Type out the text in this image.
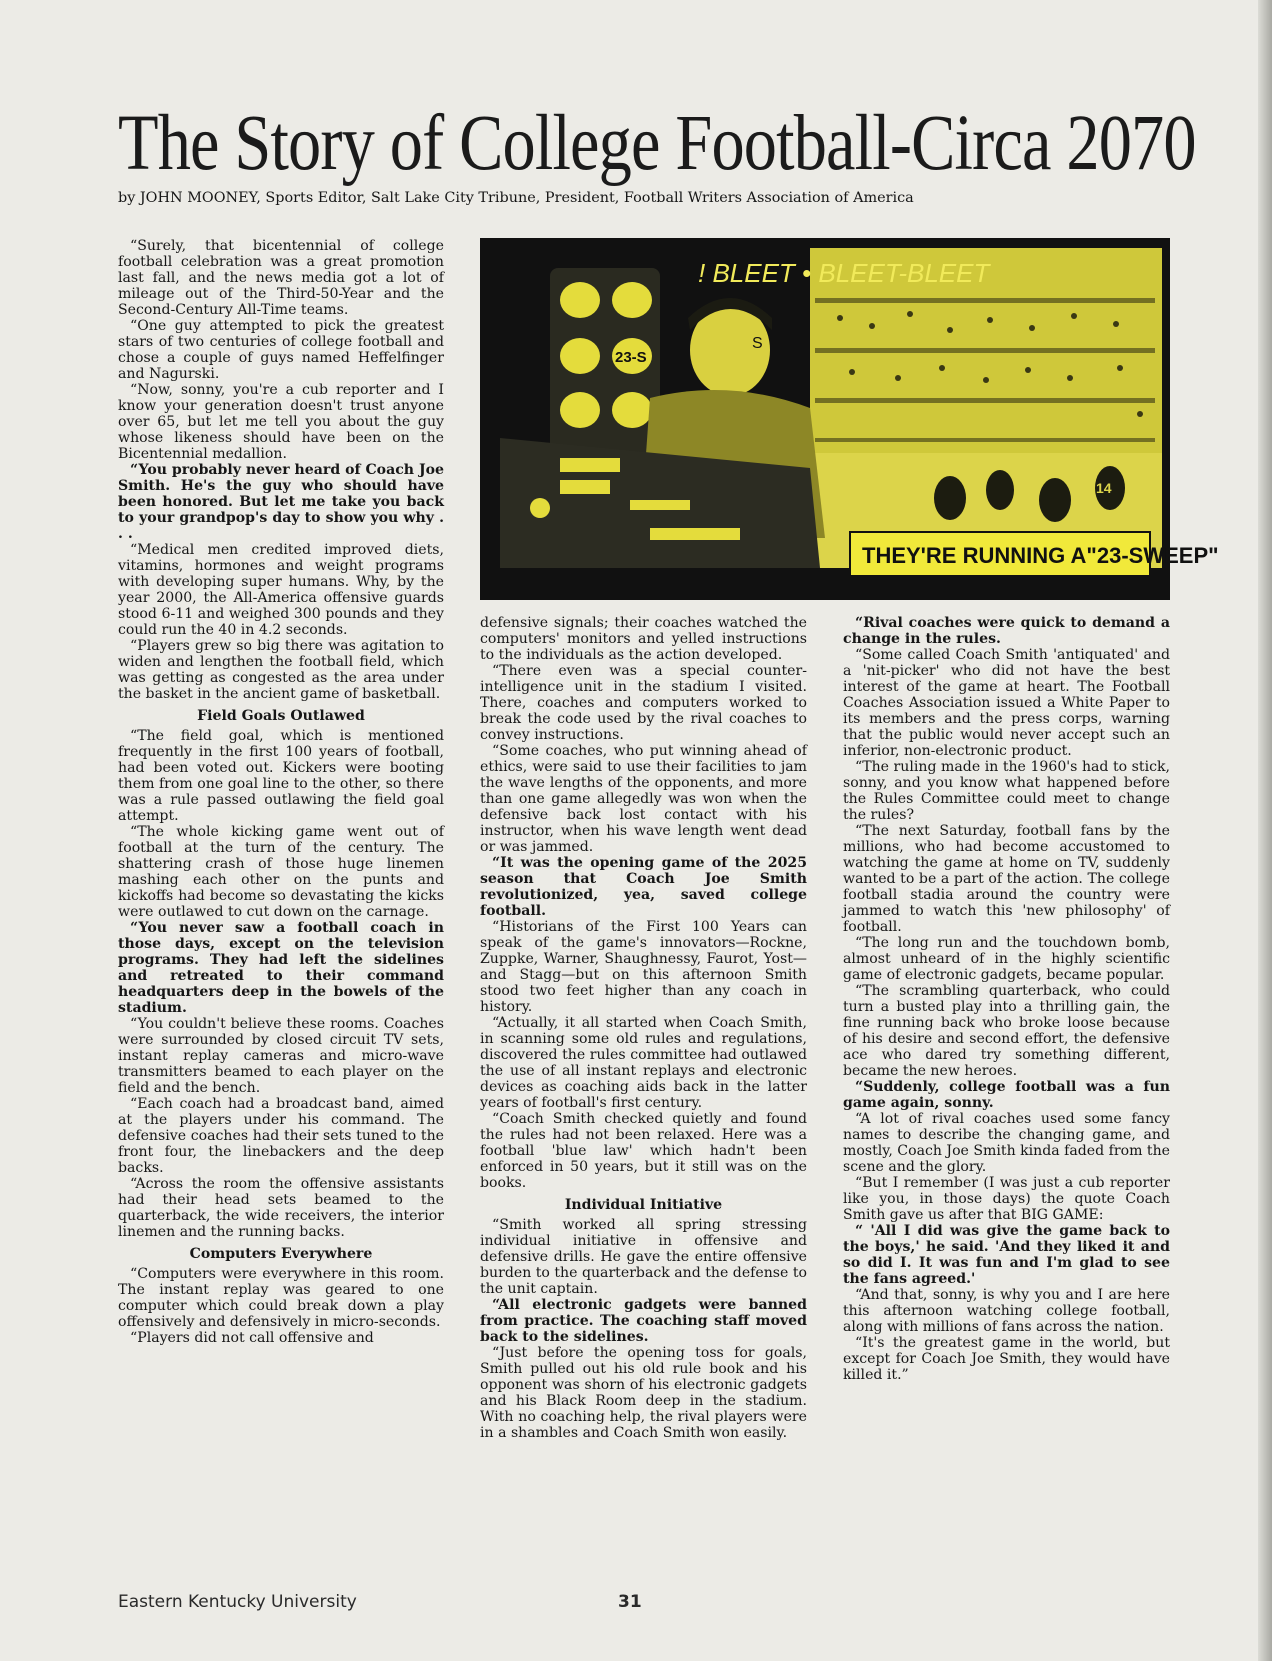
The Story of College Football-Circa 2070
by JOHN MOONEY, Sports Editor, Salt Lake City Tribune, President, Football Writers Association of America

“Surely, that bicentennial of college football celebration was a great promotion last fall, and the news media got a lot of mileage out of the Third-50-Year and the Second-Century All-Time teams.

“One guy attempted to pick the greatest stars of two centuries of college football and chose a couple of guys named Heffelfinger and Nagurski.

“Now, sonny, you're a cub reporter and I know your generation doesn't trust anyone over 65, but let me tell you about the guy whose likeness should have been on the Bicentennial medallion.

“You probably never heard of Coach Joe Smith. He's the guy who should have been honored. But let me take you back to your grandpop's day to show you why . . .

“Medical men credited improved diets, vitamins, hormones and weight programs with developing super humans. Why, by the year 2000, the All-America offensive guards stood 6-11 and weighed 300 pounds and they could run the 40 in 4.2 seconds.

“Players grew so big there was agitation to widen and lengthen the football field, which was getting as congested as the area under the basket in the ancient game of basketball.

Field Goals Outlawed

“The field goal, which is mentioned frequently in the first 100 years of football, had been voted out. Kickers were booting them from one goal line to the other, so there was a rule passed outlawing the field goal attempt.

“The whole kicking game went out of football at the turn of the century. The shattering crash of those huge linemen mashing each other on the punts and kickoffs had become so devastating the kicks were outlawed to cut down on the carnage.

“You never saw a football coach in those days, except on the television programs. They had left the sidelines and retreated to their command headquarters deep in the bowels of the stadium.

“You couldn't believe these rooms. Coaches were surrounded by closed circuit TV sets, instant replay cameras and micro-wave transmitters beamed to each player on the field and the bench.

“Each coach had a broadcast band, aimed at the players under his command. The defensive coaches had their sets tuned to the front four, the linebackers and the deep backs.

“Across the room the offensive assistants had their head sets beamed to the quarterback, the wide receivers, the interior linemen and the running backs.

Computers Everywhere

“Computers were everywhere in this room. The instant replay was geared to one computer which could break down a play offensively and defensively in micro-seconds.

“Players did not call offensive and

14
! BLEET • BLEET-BLEET
23-S
S
THEY'RE RUNNING A"23-SWEEP"

defensive signals; their coaches watched the computers' monitors and yelled instructions to the individuals as the action developed.

“There even was a special counter-intelligence unit in the stadium I visited. There, coaches and computers worked to break the code used by the rival coaches to convey instructions.

“Some coaches, who put winning ahead of ethics, were said to use their facilities to jam the wave lengths of the opponents, and more than one game allegedly was won when the defensive back lost contact with his instructor, when his wave length went dead or was jammed.

“It was the opening game of the 2025 season that Coach Joe Smith revolutionized, yea, saved college football.

“Historians of the First 100 Years can speak of the game's innovators—Rockne, Zuppke, Warner, Shaughnessy, Faurot, Yost—and Stagg—but on this afternoon Smith stood two feet higher than any coach in history.

“Actually, it all started when Coach Smith, in scanning some old rules and regulations, discovered the rules committee had outlawed the use of all instant replays and electronic devices as coaching aids back in the latter years of football's first century.

“Coach Smith checked quietly and found the rules had not been relaxed. Here was a football 'blue law' which hadn't been enforced in 50 years, but it still was on the books.

Individual Initiative

“Smith worked all spring stressing individual initiative in offensive and defensive drills. He gave the entire offensive burden to the quarterback and the defense to the unit captain.

“All electronic gadgets were banned from practice. The coaching staff moved back to the sidelines.

“Just before the opening toss for goals, Smith pulled out his old rule book and his opponent was shorn of his electronic gadgets and his Black Room deep in the stadium. With no coaching help, the rival players were in a shambles and Coach Smith won easily.

“Rival coaches were quick to demand a change in the rules.

“Some called Coach Smith 'antiquated' and a 'nit-picker' who did not have the best interest of the game at heart. The Football Coaches Association issued a White Paper to its members and the press corps, warning that the public would never accept such an inferior, non-electronic product.

“The ruling made in the 1960's had to stick, sonny, and you know what happened before the Rules Committee could meet to change the rules?

“The next Saturday, football fans by the millions, who had become accustomed to watching the game at home on TV, suddenly wanted to be a part of the action. The college football stadia around the country were jammed to watch this 'new philosophy' of football.

“The long run and the touchdown bomb, almost unheard of in the highly scientific game of electronic gadgets, became popular.

“The scrambling quarterback, who could turn a busted play into a thrilling gain, the fine running back who broke loose because of his desire and second effort, the defensive ace who dared try something different, became the new heroes.

“Suddenly, college football was a fun game again, sonny.

“A lot of rival coaches used some fancy names to describe the changing game, and mostly, Coach Joe Smith kinda faded from the scene and the glory.

“But I remember (I was just a cub reporter like you, in those days) the quote Coach Smith gave us after that BIG GAME:

“ 'All I did was give the game back to the boys,' he said. 'And they liked it and so did I. It was fun and I'm glad to see the fans agreed.'

“And that, sonny, is why you and I are here this afternoon watching college football, along with millions of fans across the nation.

“It's the greatest game in the world, but except for Coach Joe Smith, they would have killed it.”

Eastern Kentucky University	31
